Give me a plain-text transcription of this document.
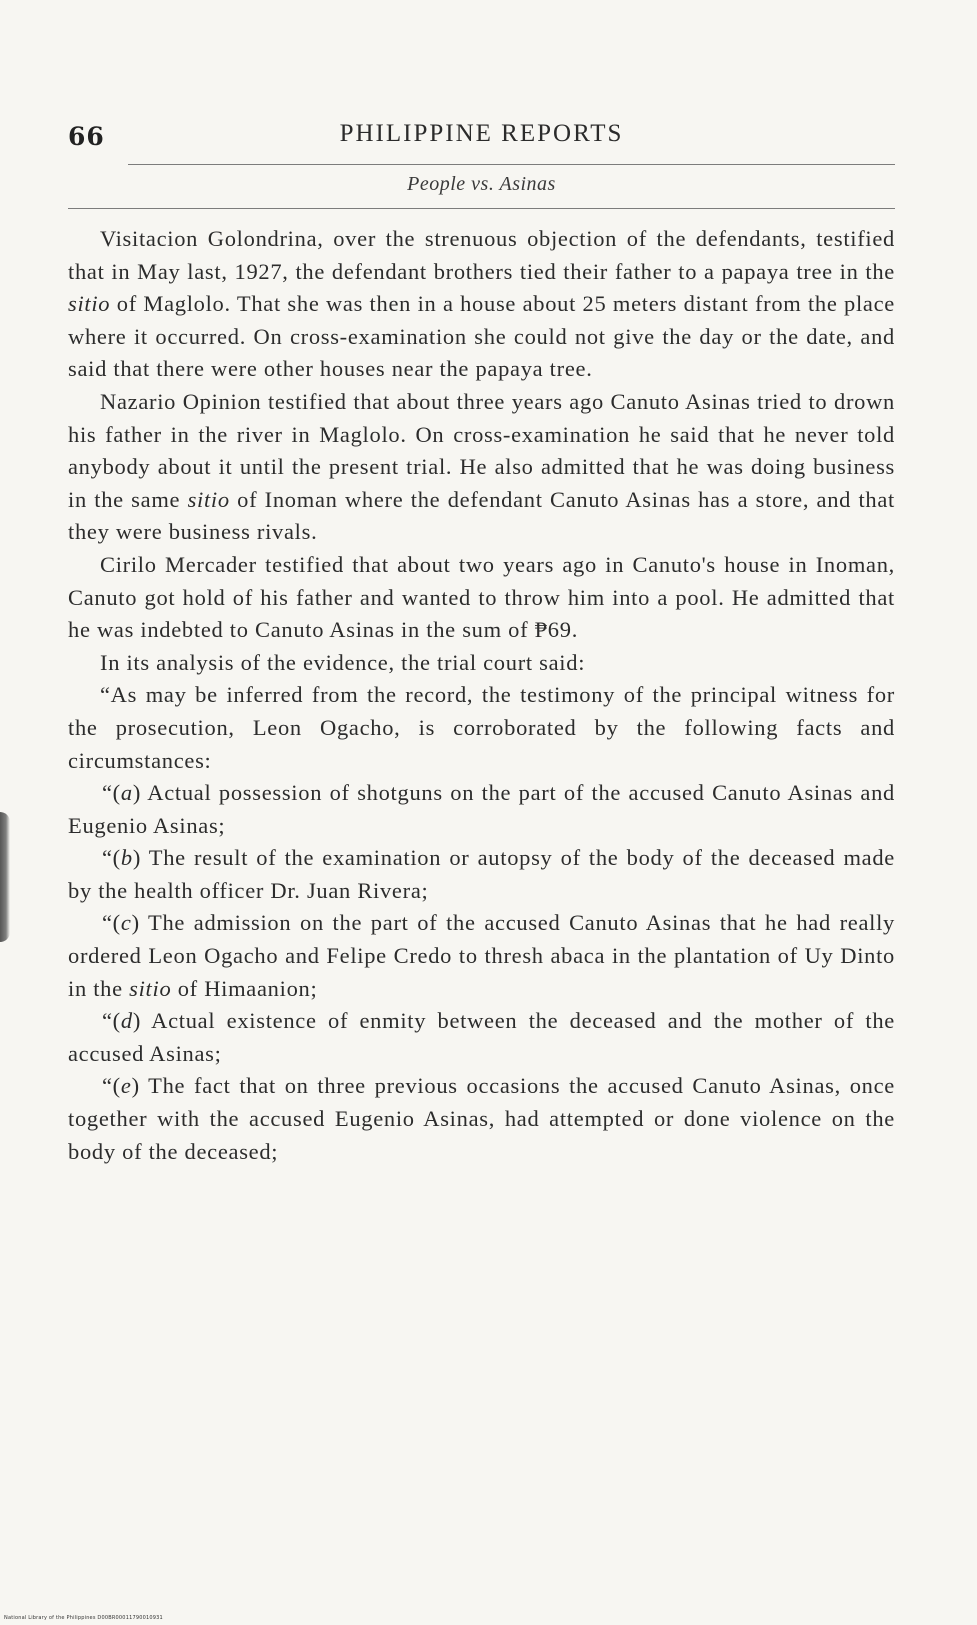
66	PHILIPPINE REPORTS
People vs. Asinas

Visitacion Golondrina, over the strenuous objection of the defendants, testified that in May last, 1927, the defendant brothers tied their father to a papaya tree in the sitio of Maglolo. That she was then in a house about 25 meters distant from the place where it occurred. On cross-examination she could not give the day or the date, and said that there were other houses near the papaya tree.

Nazario Opinion testified that about three years ago Canuto Asinas tried to drown his father in the river in Maglolo. On cross-examination he said that he never told anybody about it until the present trial. He also admitted that he was doing business in the same sitio of Inoman where the defendant Canuto Asinas has a store, and that they were business rivals.

Cirilo Mercader testified that about two years ago in Canuto's house in Inoman, Canuto got hold of his father and wanted to throw him into a pool. He admitted that he was indebted to Canuto Asinas in the sum of ₱69.

In its analysis of the evidence, the trial court said:

“As may be inferred from the record, the testimony of the principal witness for the prosecution, Leon Ogacho, is corroborated by the following facts and circumstances:

“(a) Actual possession of shotguns on the part of the accused Canuto Asinas and Eugenio Asinas;

“(b) The result of the examination or autopsy of the body of the deceased made by the health officer Dr. Juan Rivera;

“(c) The admission on the part of the accused Canuto Asinas that he had really ordered Leon Ogacho and Felipe Credo to thresh abaca in the plantation of Uy Dinto in the sitio of Himaanion;

“(d) Actual existence of enmity between the deceased and the mother of the accused Asinas;

“(e) The fact that on three previous occasions the accused Canuto Asinas, once together with the accused Eugenio Asinas, had attempted or done violence on the body of the deceased;

National Library of the Philippines D00BR00011790010931
